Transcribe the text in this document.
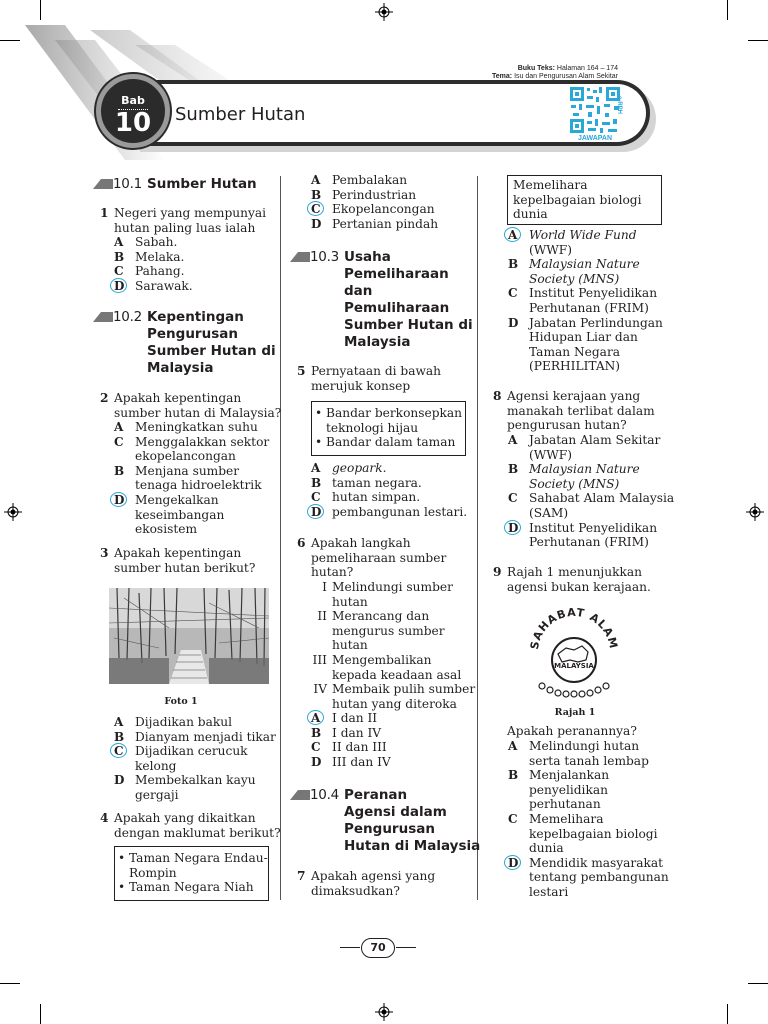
Bab
10	Sumber Hutan
Buku Teks: Halaman 164 – 174
Tema: Isu dan Pengurusan Alam Sekitar
JAWAPAN
e-RPH
10.1 Sumber Hutan
1 Negeri yang mempunyai
hutan paling luas ialah
A Sabah.
B Melaka.
C Pahang.
D Sarawak.
10.2 Kepentingan
Pengurusan
Sumber Hutan di
Malaysia
2 Apakah kepentingan
sumber hutan di Malaysia?
A Meningkatkan suhu
C Menggalakkan sektor
ekopelancongan
B Menjana sumber
tenaga hidroelektrik
D Mengekalkan
keseimbangan
ekosistem
3 Apakah kepentingan
sumber hutan berikut?
Foto 1
A Dijadikan bakul
B Dianyam menjadi tikar
C Dijadikan cerucuk
kelong
D Membekalkan kayu
gergaji
4 Apakah yang dikaitkan
dengan maklumat berikut?
• Taman Negara Endau-
Rompin
• Taman Negara Niah
A Pembalakan
B Perindustrian
C Ekopelancongan
D Pertanian pindah
10.3 Usaha
Pemeliharaan
dan
Pemuliharaan
Sumber Hutan di
Malaysia
5 Pernyataan di bawah
merujuk konsep
• Bandar berkonsepkan
teknologi hijau
• Bandar dalam taman
A geopark.
B taman negara.
C hutan simpan.
D pembangunan lestari.
6 Apakah langkah
pemeliharaan sumber
hutan?
I Melindungi sumber
hutan
II Merancang dan
mengurus sumber
hutan
III Mengembalikan
kepada keadaan asal
IV Membaik pulih sumber
hutan yang diteroka
A I dan II
B I dan IV
C II dan III
D III dan IV
10.4 Peranan
Agensi dalam
Pengurusan
Hutan di Malaysia
7 Apakah agensi yang
dimaksudkan?
Memelihara
kepelbagaian biologi
dunia
A World Wide Fund
(WWF)
B Malaysian Nature
Society (MNS)
C Institut Penyelidikan
Perhutanan (FRIM)
D Jabatan Perlindungan
Hidupan Liar dan
Taman Negara
(PERHILITAN)
8 Agensi kerajaan yang
manakah terlibat dalam
pengurusan hutan?
A Jabatan Alam Sekitar
(WWF)
B Malaysian Nature
Society (MNS)
C Sahabat Alam Malaysia
(SAM)
D Institut Penyelidikan
Perhutanan (FRIM)
9 Rajah 1 menunjukkan
agensi bukan kerajaan.
SAHABAT ALAM
MALAYSIA
Rajah 1
Apakah peranannya?
A Melindungi hutan
serta tanah lembap
B Menjalankan
penyelidikan
perhutanan
C Memelihara
kepelbagaian biologi
dunia
D Mendidik masyarakat
tentang pembangunan
lestari
70
